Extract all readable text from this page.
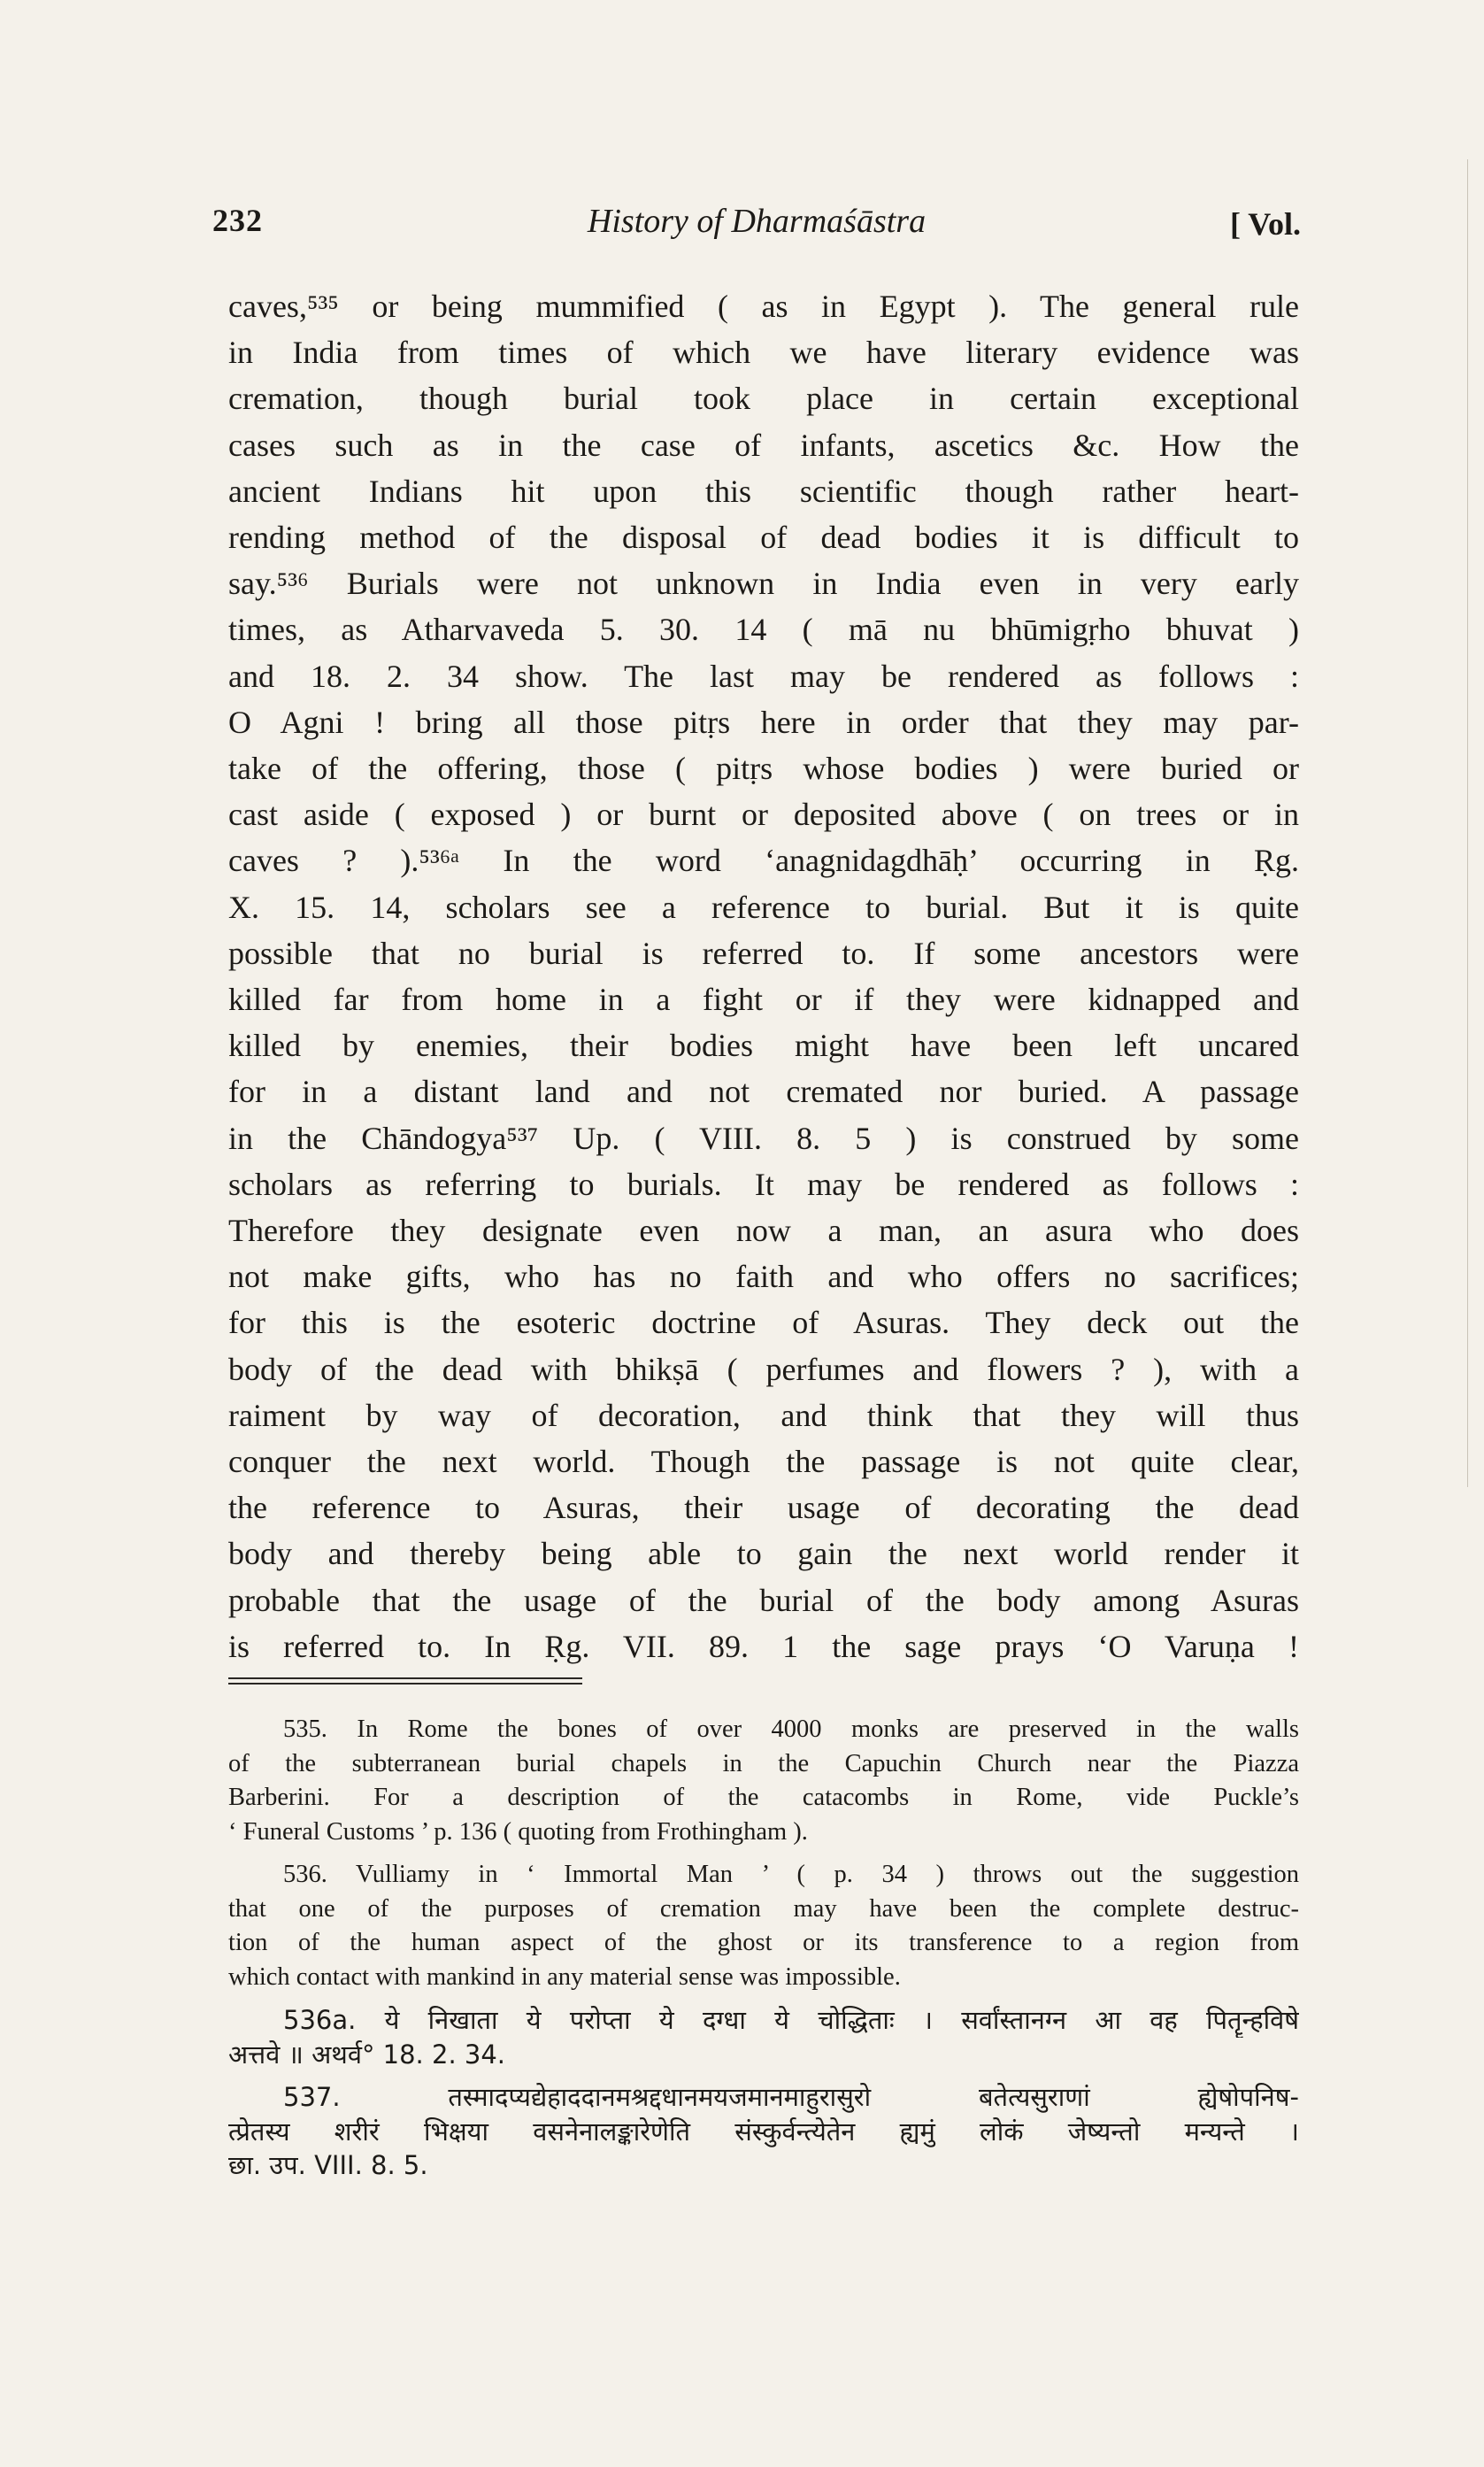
232	History of Dharmaśāstra	[ Vol.
caves,⁵³⁵ or being mummified ( as in Egypt ). The general rule
in India from times of which we have literary evidence was
cremation, though burial took place in certain exceptional
cases such as in the case of infants, ascetics &c. How the
ancient Indians hit upon this scientific though rather heart-
rending method of the disposal of dead bodies it is difficult to
say.⁵³⁶ Burials were not unknown in India even in very early
times, as Atharvaveda 5. 30. 14 ( mā nu bhūmigṛho bhuvat )
and 18. 2. 34 show. The last may be rendered as follows :
O Agni ! bring all those pitṛs here in order that they may par-
take of the offering, those ( pitṛs whose bodies ) were buried or
cast aside ( exposed ) or burnt or deposited above ( on trees or in
caves ? ).⁵³⁶ᵃ In the word ‘anagnidagdhāḥ’ occurring in Ṛg.
X. 15. 14, scholars see a reference to burial. But it is quite
possible that no burial is referred to. If some ancestors were
killed far from home in a fight or if they were kidnapped and
killed by enemies, their bodies might have been left uncared
for in a distant land and not cremated nor buried. A passage
in the Chāndogya⁵³⁷ Up. ( VIII. 8. 5 ) is construed by some
scholars as referring to burials. It may be rendered as follows :
Therefore they designate even now a man, an asura who does
not make gifts, who has no faith and who offers no sacrifices;
for this is the esoteric doctrine of Asuras. They deck out the
body of the dead with bhikṣā ( perfumes and flowers ? ), with a
raiment by way of decoration, and think that they will thus
conquer the next world. Though the passage is not quite clear,
the reference to Asuras, their usage of decorating the dead
body and thereby being able to gain the next world render it
probable that the usage of the burial of the body among Asuras
is referred to. In Ṛg. VII. 89. 1 the sage prays ‘O Varuṇa !
535. In Rome the bones of over 4000 monks are preserved in the walls
of the subterranean burial chapels in the Capuchin Church near the Piazza
Barberini. For a description of the catacombs in Rome, vide Puckle’s
‘ Funeral Customs ’ p. 136 ( quoting from Frothingham ).
536. Vulliamy in ‘ Immortal Man ’ ( p. 34 ) throws out the suggestion
that one of the purposes of cremation may have been the complete destruc-
tion of the human aspect of the ghost or its transference to a region from
which contact with mankind in any material sense was impossible.
536a. ये निखाता ये परोप्ता ये दग्धा ये चोद्धिताः । सर्वांस्तानग्न आ वह पितॄन्हविषे
अत्तवे ॥ अथर्व° 18. 2. 34.
537. तस्मादप्यद्येहाददानमश्रद्दधानमयजमानमाहुरासुरो बतेत्यसुराणां ह्येषोपनिष-
त्प्रेतस्य शरीरं भिक्षया वसनेनालङ्कारेणेति संस्कुर्वन्त्येतेन ह्यमुं लोकं जेष्यन्तो मन्यन्ते ।
छा. उप. VIII. 8. 5.
